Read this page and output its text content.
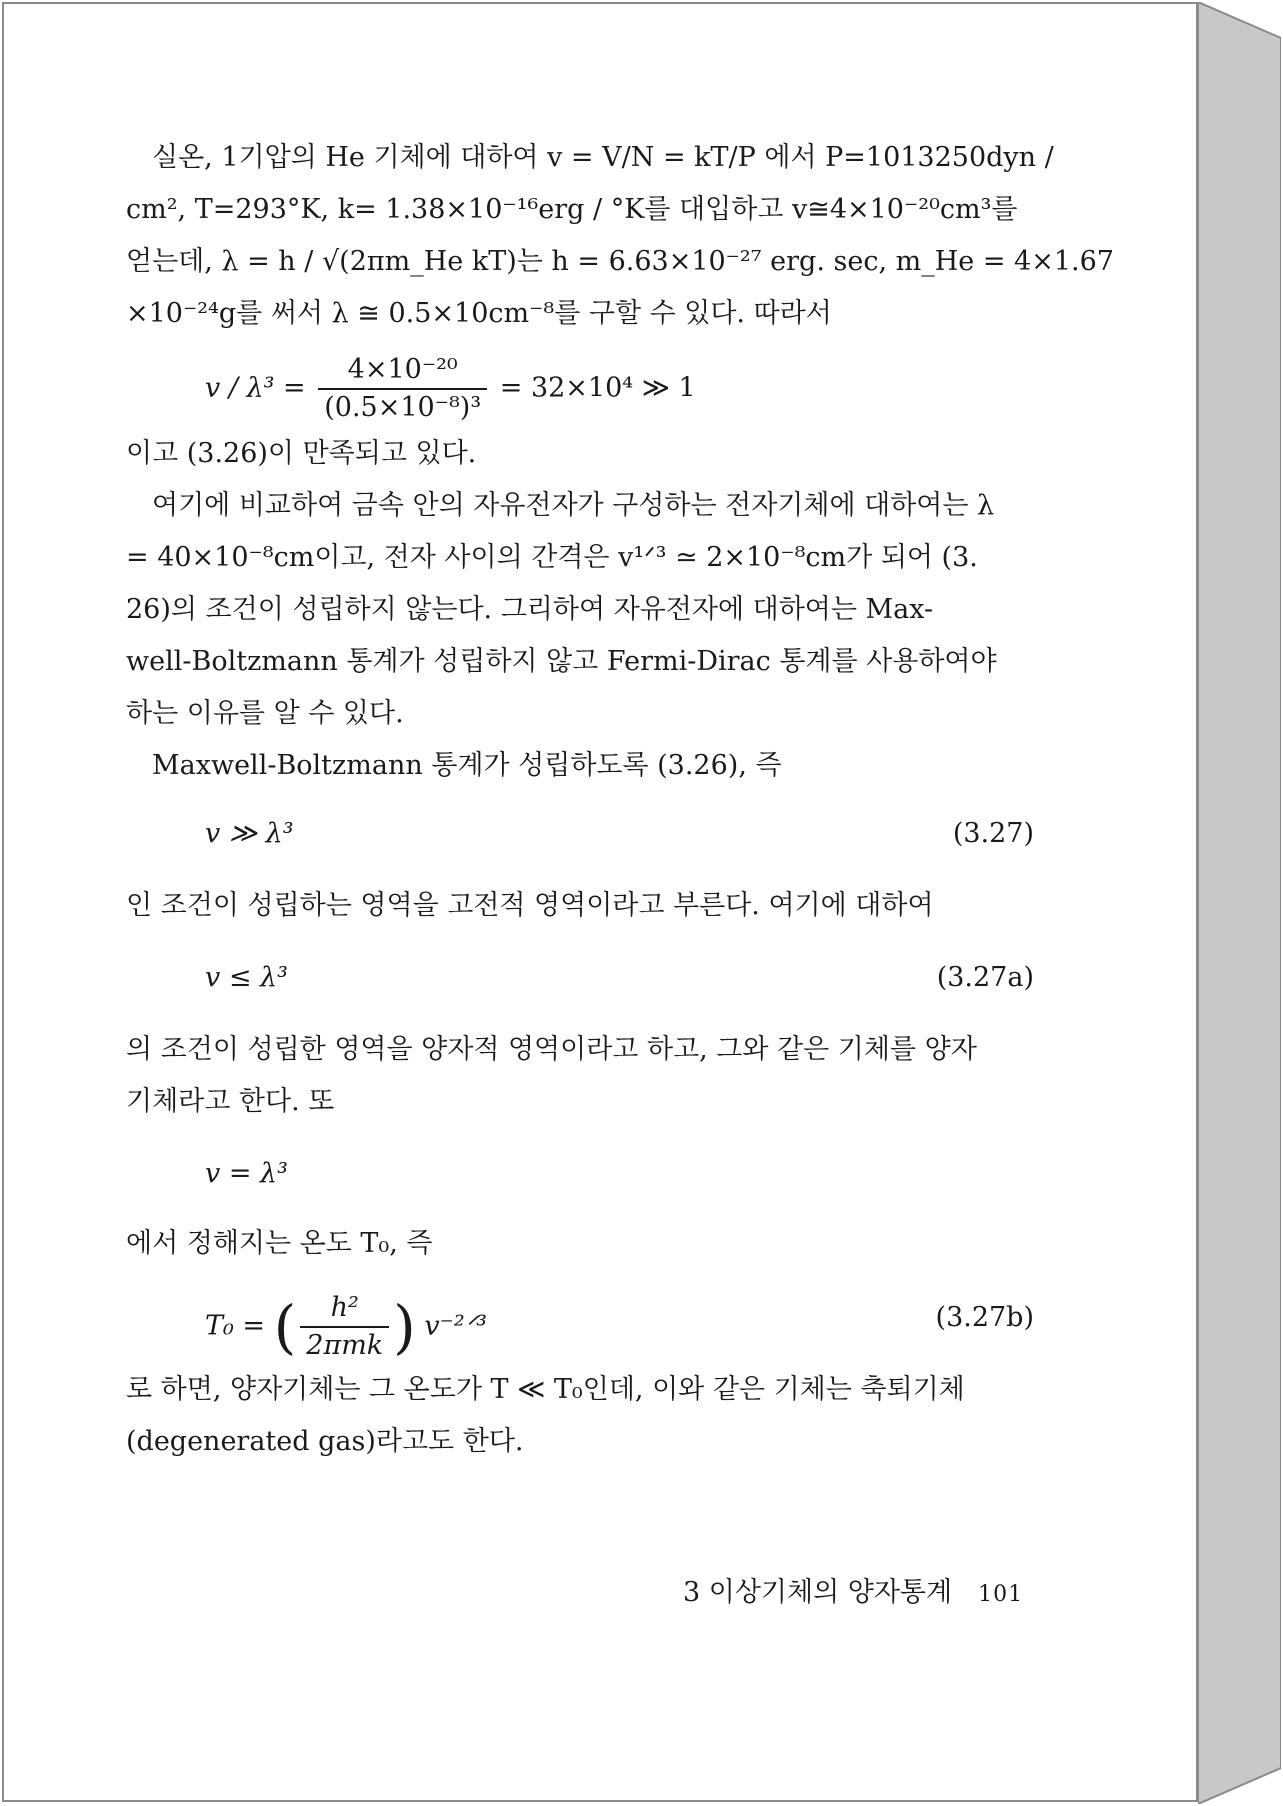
실온, 1기압의 He 기체에 대하여 v = V/N = kT/P 에서 P=1013250dyn /
cm², T=293°K, k= 1.38×10⁻¹⁶erg / °K를 대입하고 v≅4×10⁻²⁰cm³를
얻는데, λ = h / √(2πm_He kT)는 h = 6.63×10⁻²⁷ erg. sec, m_He = 4×1.67
×10⁻²⁴g를 써서 λ ≅ 0.5×10cm⁻⁸를 구할 수 있다. 따라서
$v / \lambda^3 = \frac{\text{4×10⁻²⁰}}{\text{(0.5×10⁻⁸)³}} = 32\times 10^4$ ≫ 1
이고 (3.26)이 만족되고 있다.
여기에 비교하여 금속 안의 자유전자가 구성하는 전자기체에 대하여는 λ
= 40×10⁻⁸cm이고, 전자 사이의 간격은 v¹ᐟ³ ≃ 2×10⁻⁸cm가 되어 (3.
26)의 조건이 성립하지 않는다. 그리하여 자유전자에 대하여는 Max-
well-Boltzmann 통계가 성립하지 않고 Fermi-Dirac 통계를 사용하여야
하는 이유를 알 수 있다.
Maxwell-Boltzmann 통계가 성립하도록 (3.26), 즉
v ≫ λ³	(3.27)
인 조건이 성립하는 영역을 고전적 영역이라고 부른다. 여기에 대하여
v ≤ λ³	(3.27a)
의 조건이 성립한 영역을 양자적 영역이라고 하고, 그와 같은 기체를 양자
기체라고 한다. 또
v = λ³
에서 정해지는 온도 T₀, 즉
T₀ = ( $\frac{\text{h²}}{\text{2πmk}}$ ) v⁻²ᐟ³	(3.27b)
로 하면, 양자기체는 그 온도가 T ≪ T₀인데, 이와 같은 기체는 축퇴기체
(degenerated gas)라고도 한다.
3 이상기체의 양자통계 101
